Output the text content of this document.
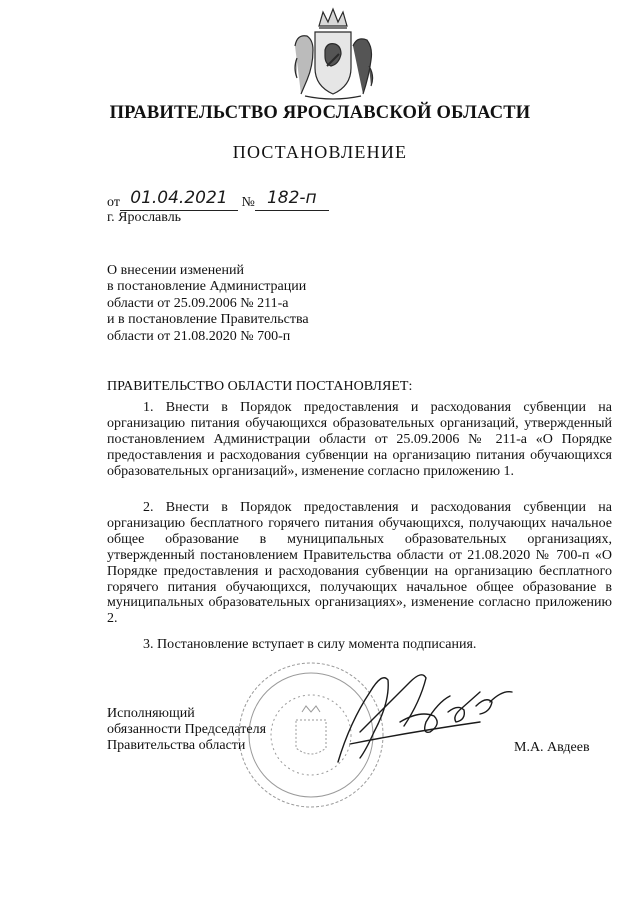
ПРАВИТЕЛЬСТВО ЯРОСЛАВСКОЙ ОБЛАСТИ
ПОСТАНОВЛЕНИЕ
от 01.04.2021 № 182-п
г. Ярославль
О внесении изменений
в постановление Администрации
области от 25.09.2006 № 211-а
и в постановление Правительства
области от 21.08.2020 № 700-п
ПРАВИТЕЛЬСТВО ОБЛАСТИ ПОСТАНОВЛЯЕТ:
1. Внести в Порядок предоставления и расходования субвенции на организацию питания обучающихся образовательных организаций, утвержденный постановлением Администрации области от 25.09.2006 № 211-а «О Порядке предоставления и расходования субвенции на организацию питания обучающихся образовательных организаций», изменение согласно приложению 1.
2. Внести в Порядок предоставления и расходования субвенции на организацию бесплатного горячего питания обучающихся, получающих начальное общее образование в муниципальных образовательных организациях, утвержденный постановлением Правительства области от 21.08.2020 № 700-п «О Порядке предоставления и расходования субвенции на организацию бесплатного горячего питания обучающихся, получающих начальное общее образование в муниципальных образовательных организациях», изменение согласно приложению 2.
3. Постановление вступает в силу момента подписания.
Исполняющий
обязанности Председателя
Правительства области	М.А. Авдеев
